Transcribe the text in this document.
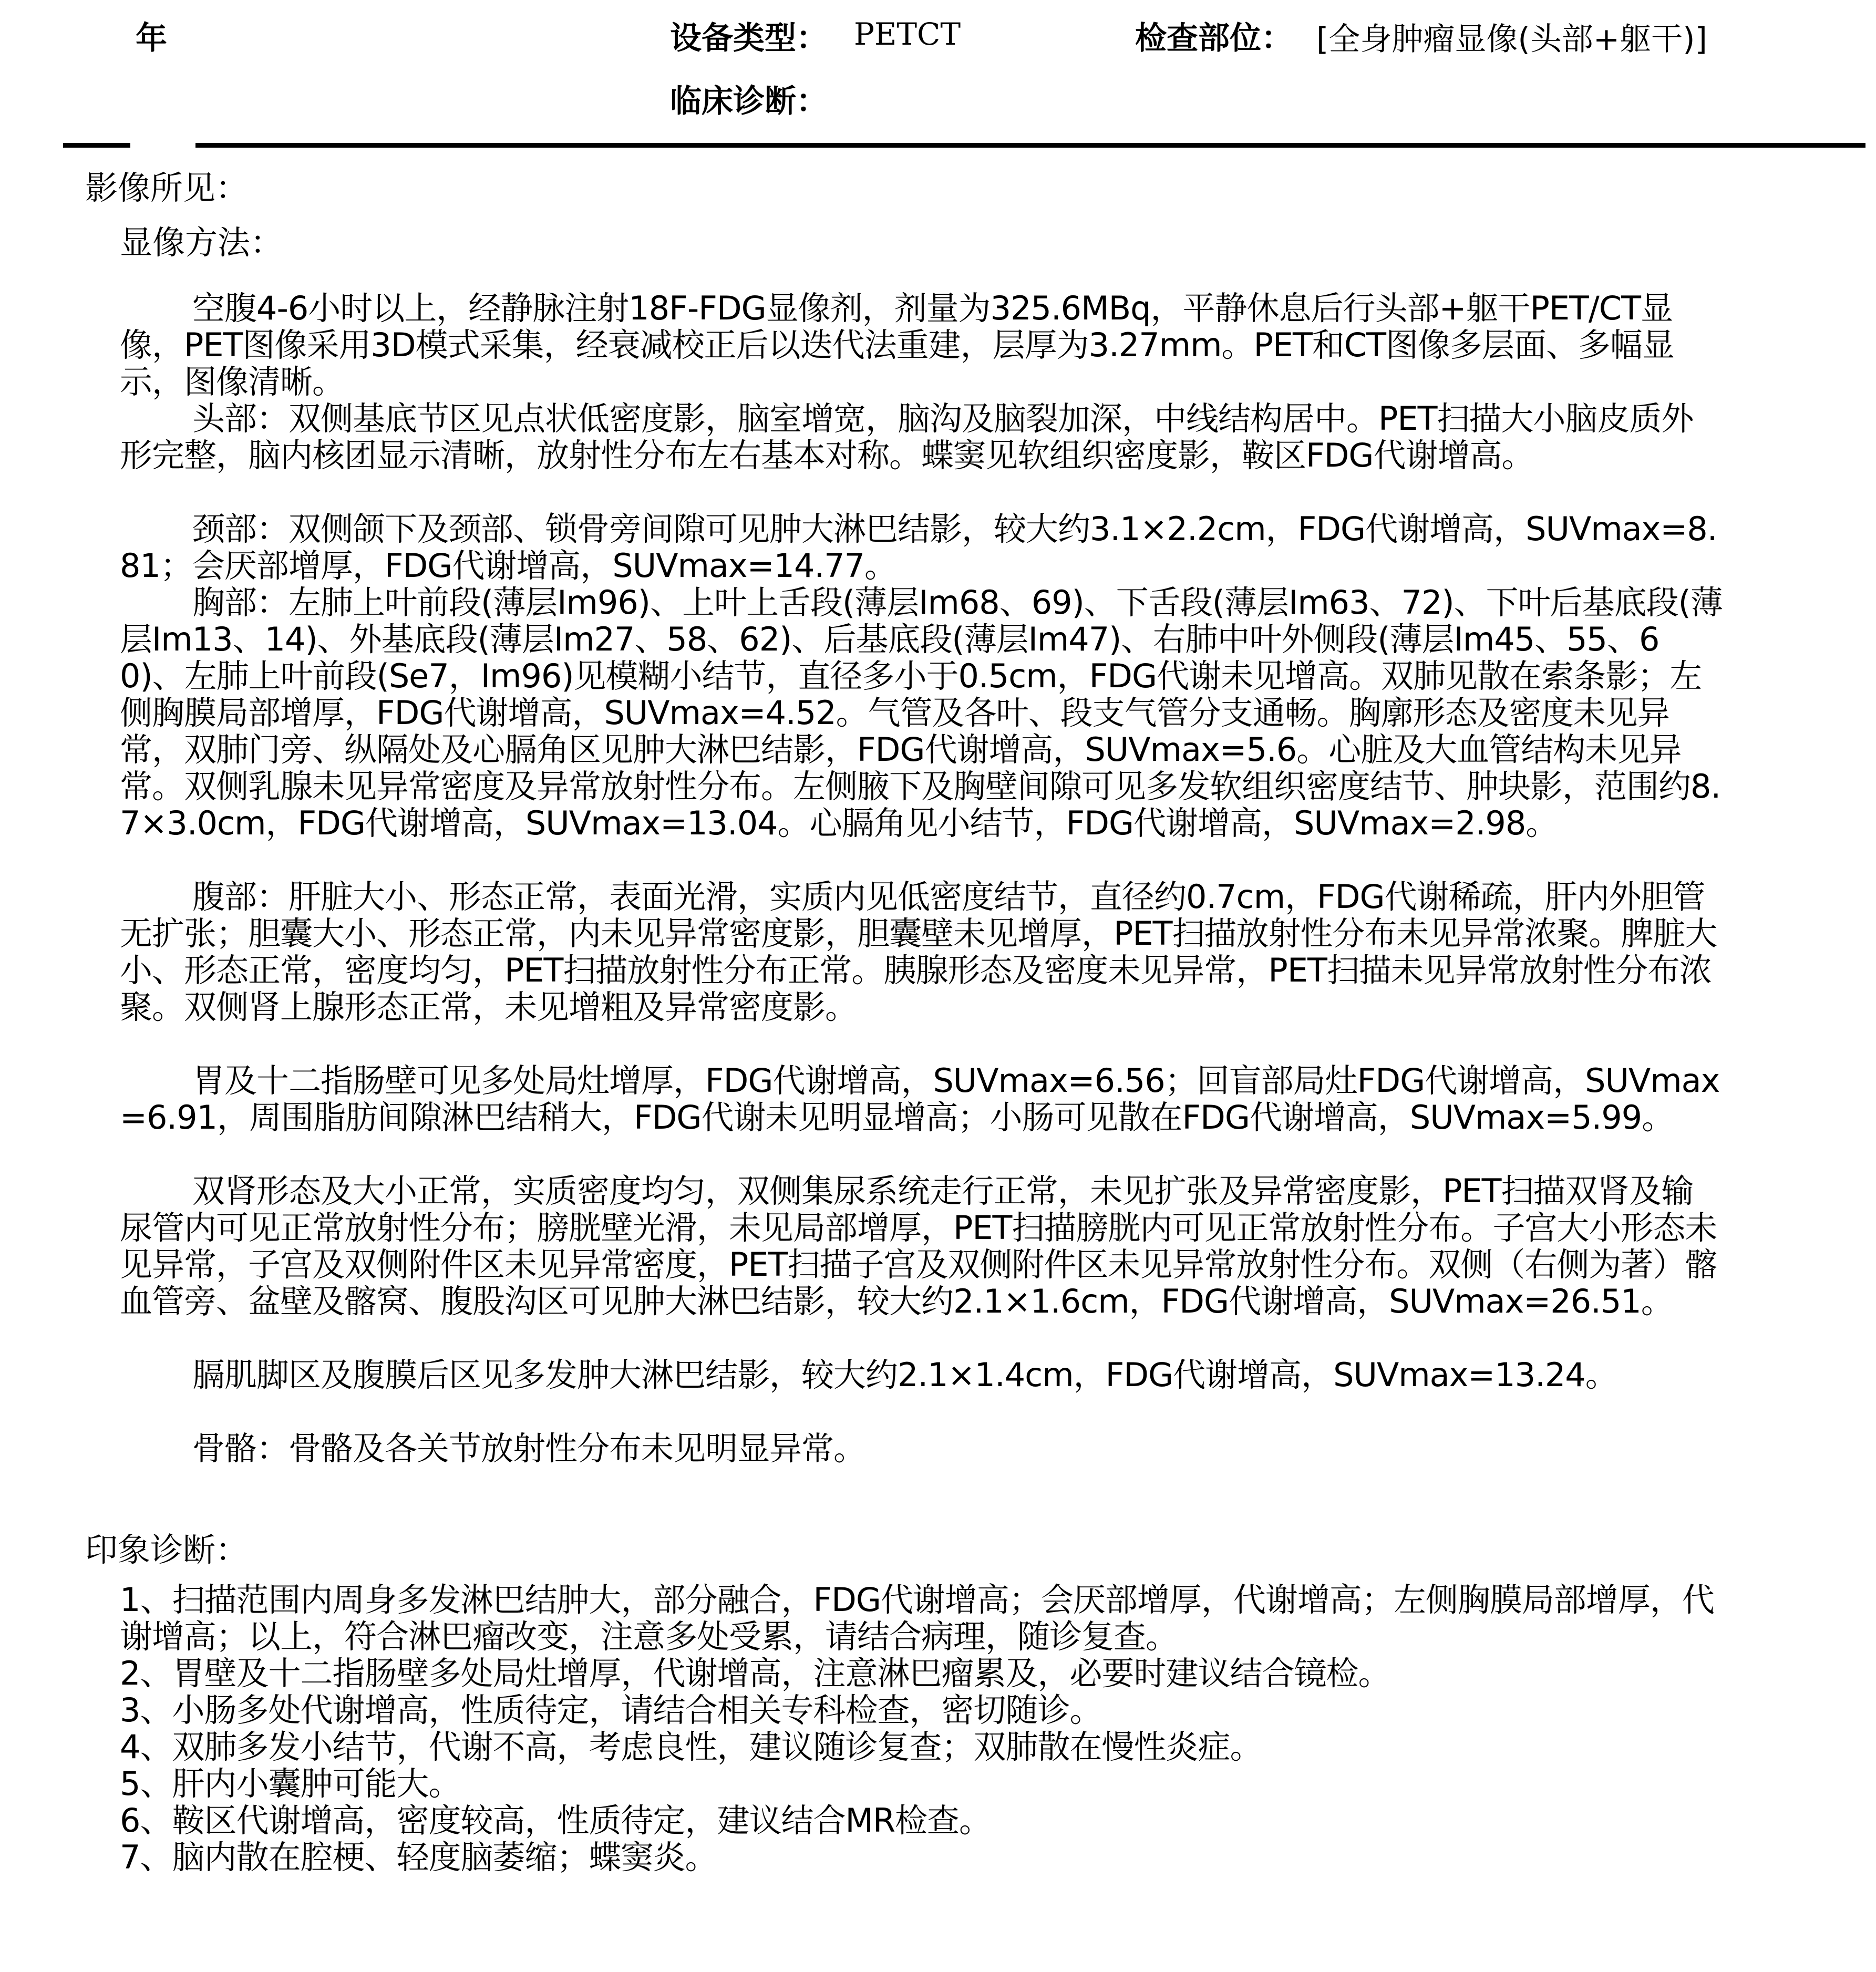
年	设备类型： PETCT	检查部位： [全身肿瘤显像(头部+躯干)]
临床诊断：
影像所见：
显像方法：
空腹4-6小时以上，经静脉注射18F-FDG显像剂，剂量为325.6MBq，平静休息后行头部+躯干PET/CT显像，PET图像采用3D模式采集，经衰减校正后以迭代法重建，层厚为3.27mm。PET和CT图像多层面、多幅显示，图像清晰。
头部：双侧基底节区见点状低密度影，脑室增宽，脑沟及脑裂加深，中线结构居中。PET扫描大小脑皮质外形完整，脑内核团显示清晰，放射性分布左右基本对称。蝶窦见软组织密度影，鞍区FDG代谢增高。
颈部：双侧颌下及颈部、锁骨旁间隙可见肿大淋巴结影，较大约3.1×2.2cm，FDG代谢增高，SUVmax=8.81；会厌部增厚，FDG代谢增高，SUVmax=14.77。
胸部：左肺上叶前段(薄层Im96)、上叶上舌段(薄层Im68、69)、下舌段(薄层Im63、72)、下叶后基底段(薄层Im13、14)、外基底段(薄层Im27、58、62)、后基底段(薄层Im47)、右肺中叶外侧段(薄层Im45、55、60)、左肺上叶前段(Se7，Im96)见模糊小结节，直径多小于0.5cm，FDG代谢未见增高。双肺见散在索条影；左侧胸膜局部增厚，FDG代谢增高，SUVmax=4.52。气管及各叶、段支气管分支通畅。胸廓形态及密度未见异常，双肺门旁、纵隔处及心膈角区见肿大淋巴结影，FDG代谢增高，SUVmax=5.6。心脏及大血管结构未见异常。双侧乳腺未见异常密度及异常放射性分布。左侧腋下及胸壁间隙可见多发软组织密度结节、肿块影，范围约8.7×3.0cm，FDG代谢增高，SUVmax=13.04。心膈角见小结节，FDG代谢增高，SUVmax=2.98。
腹部：肝脏大小、形态正常，表面光滑，实质内见低密度结节，直径约0.7cm，FDG代谢稀疏，肝内外胆管无扩张；胆囊大小、形态正常，内未见异常密度影，胆囊壁未见增厚，PET扫描放射性分布未见异常浓聚。脾脏大小、形态正常，密度均匀，PET扫描放射性分布正常。胰腺形态及密度未见异常，PET扫描未见异常放射性分布浓聚。双侧肾上腺形态正常，未见增粗及异常密度影。
胃及十二指肠壁可见多处局灶增厚，FDG代谢增高，SUVmax=6.56；回盲部局灶FDG代谢增高，SUVmax=6.91，周围脂肪间隙淋巴结稍大，FDG代谢未见明显增高；小肠可见散在FDG代谢增高，SUVmax=5.99。
双肾形态及大小正常，实质密度均匀，双侧集尿系统走行正常，未见扩张及异常密度影，PET扫描双肾及输尿管内可见正常放射性分布；膀胱壁光滑，未见局部增厚，PET扫描膀胱内可见正常放射性分布。子宫大小形态未见异常，子宫及双侧附件区未见异常密度，PET扫描子宫及双侧附件区未见异常放射性分布。双侧（右侧为著）髂血管旁、盆壁及髂窝、腹股沟区可见肿大淋巴结影，较大约2.1×1.6cm，FDG代谢增高，SUVmax=26.51。
膈肌脚区及腹膜后区见多发肿大淋巴结影，较大约2.1×1.4cm，FDG代谢增高，SUVmax=13.24。
骨骼：骨骼及各关节放射性分布未见明显异常。
印象诊断：
1、扫描范围内周身多发淋巴结肿大，部分融合，FDG代谢增高；会厌部增厚，代谢增高；左侧胸膜局部增厚，代谢增高；以上，符合淋巴瘤改变，注意多处受累，请结合病理，随诊复查。
2、胃壁及十二指肠壁多处局灶增厚，代谢增高，注意淋巴瘤累及，必要时建议结合镜检。
3、小肠多处代谢增高，性质待定，请结合相关专科检查，密切随诊。
4、双肺多发小结节，代谢不高，考虑良性，建议随诊复查；双肺散在慢性炎症。
5、肝内小囊肿可能大。
6、鞍区代谢增高，密度较高，性质待定，建议结合MR检查。
7、脑内散在腔梗、轻度脑萎缩；蝶窦炎。
